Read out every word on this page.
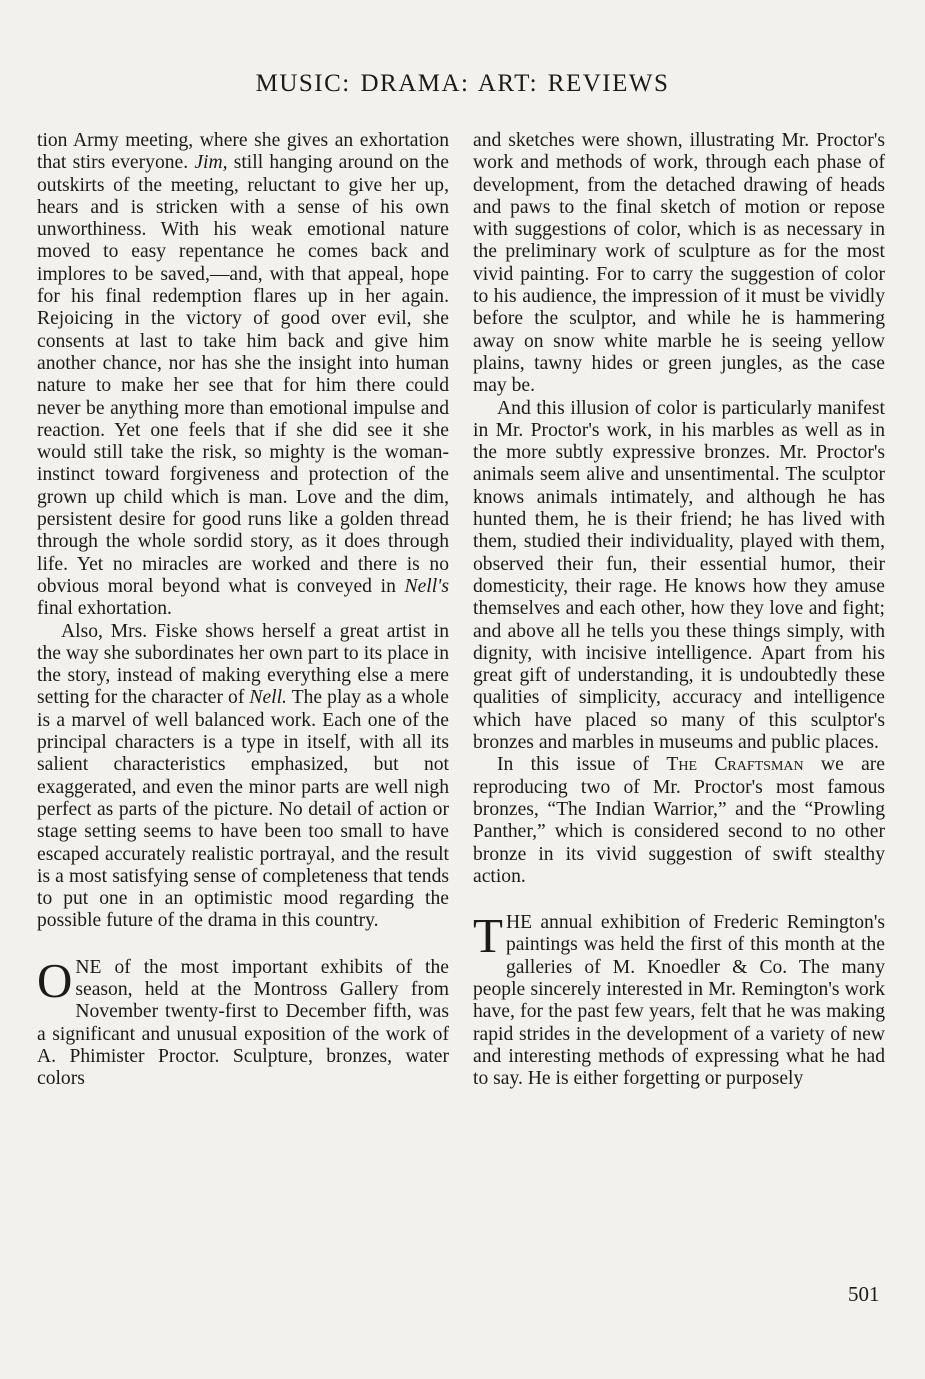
MUSIC: DRAMA: ART: REVIEWS

tion Army meeting, where she gives an exhortation that stirs everyone. Jim, still hanging around on the outskirts of the meeting, reluctant to give her up, hears and is stricken with a sense of his own unworthiness. With his weak emotional nature moved to easy repentance he comes back and implores to be saved,—and, with that appeal, hope for his final redemption flares up in her again. Rejoicing in the victory of good over evil, she consents at last to take him back and give him another chance, nor has she the insight into human nature to make her see that for him there could never be anything more than emotional impulse and reaction. Yet one feels that if she did see it she would still take the risk, so mighty is the woman-instinct toward forgiveness and protection of the grown up child which is man. Love and the dim, persistent desire for good runs like a golden thread through the whole sordid story, as it does through life. Yet no miracles are worked and there is no obvious moral beyond what is conveyed in Nell's final exhortation.

Also, Mrs. Fiske shows herself a great artist in the way she subordinates her own part to its place in the story, instead of making everything else a mere setting for the character of Nell. The play as a whole is a marvel of well balanced work. Each one of the principal characters is a type in itself, with all its salient characteristics emphasized, but not exaggerated, and even the minor parts are well nigh perfect as parts of the picture. No detail of action or stage setting seems to have been too small to have escaped accurately realistic portrayal, and the result is a most satisfying sense of completeness that tends to put one in an optimistic mood regarding the possible future of the drama in this country.

ONE of the most important exhibits of the season, held at the Montross Gallery from November twenty-first to December fifth, was a significant and unusual exposition of the work of A. Phimister Proctor. Sculpture, bronzes, water colors

and sketches were shown, illustrating Mr. Proctor's work and methods of work, through each phase of development, from the detached drawing of heads and paws to the final sketch of motion or repose with suggestions of color, which is as necessary in the preliminary work of sculpture as for the most vivid painting. For to carry the suggestion of color to his audience, the impression of it must be vividly before the sculptor, and while he is hammering away on snow white marble he is seeing yellow plains, tawny hides or green jungles, as the case may be.

And this illusion of color is particularly manifest in Mr. Proctor's work, in his marbles as well as in the more subtly expressive bronzes. Mr. Proctor's animals seem alive and unsentimental. The sculptor knows animals intimately, and although he has hunted them, he is their friend; he has lived with them, studied their individuality, played with them, observed their fun, their essential humor, their domesticity, their rage. He knows how they amuse themselves and each other, how they love and fight; and above all he tells you these things simply, with dignity, with incisive intelligence. Apart from his great gift of understanding, it is undoubtedly these qualities of simplicity, accuracy and intelligence which have placed so many of this sculptor's bronzes and marbles in museums and public places.

In this issue of The Craftsman we are reproducing two of Mr. Proctor's most famous bronzes, “The Indian Warrior,” and the “Prowling Panther,” which is considered second to no other bronze in its vivid suggestion of swift stealthy action.

THE annual exhibition of Frederic Remington's paintings was held the first of this month at the galleries of M. Knoedler & Co. The many people sincerely interested in Mr. Remington's work have, for the past few years, felt that he was making rapid strides in the development of a variety of new and interesting methods of expressing what he had to say. He is either forgetting or purposely

501
